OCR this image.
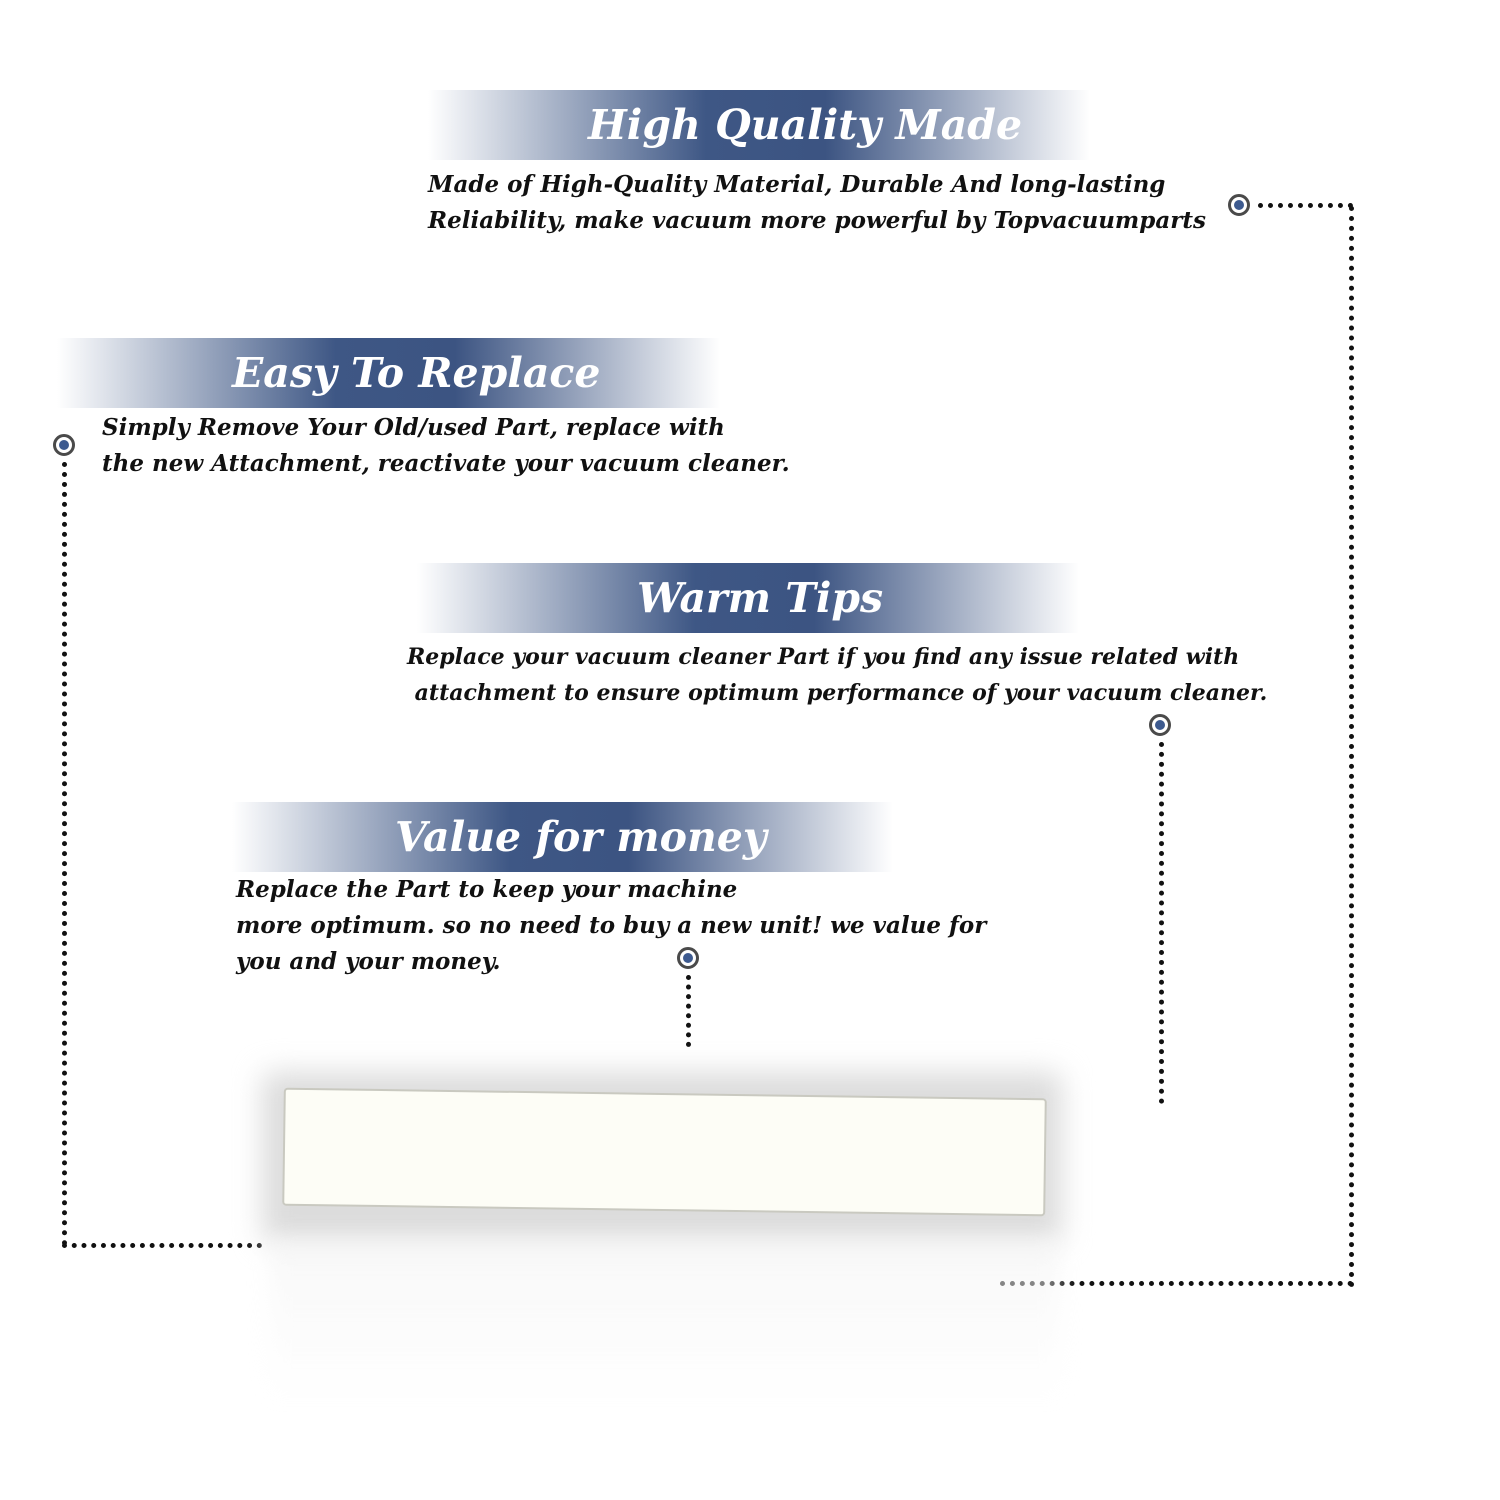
High Quality Made
Made of High-Quality Material, Durable And long-lasting
Reliability, make vacuum more powerful by Topvacuumparts
Easy To Replace
Simply Remove Your Old/used Part, replace with
the new Attachment, reactivate your vacuum cleaner.
Warm Tips
Replace your vacuum cleaner Part if you find any issue related with
attachment to ensure optimum performance of your vacuum cleaner.
Value for money
Replace the Part to keep your machine
more optimum. so no need to buy a new unit! we value for
you and your money.
